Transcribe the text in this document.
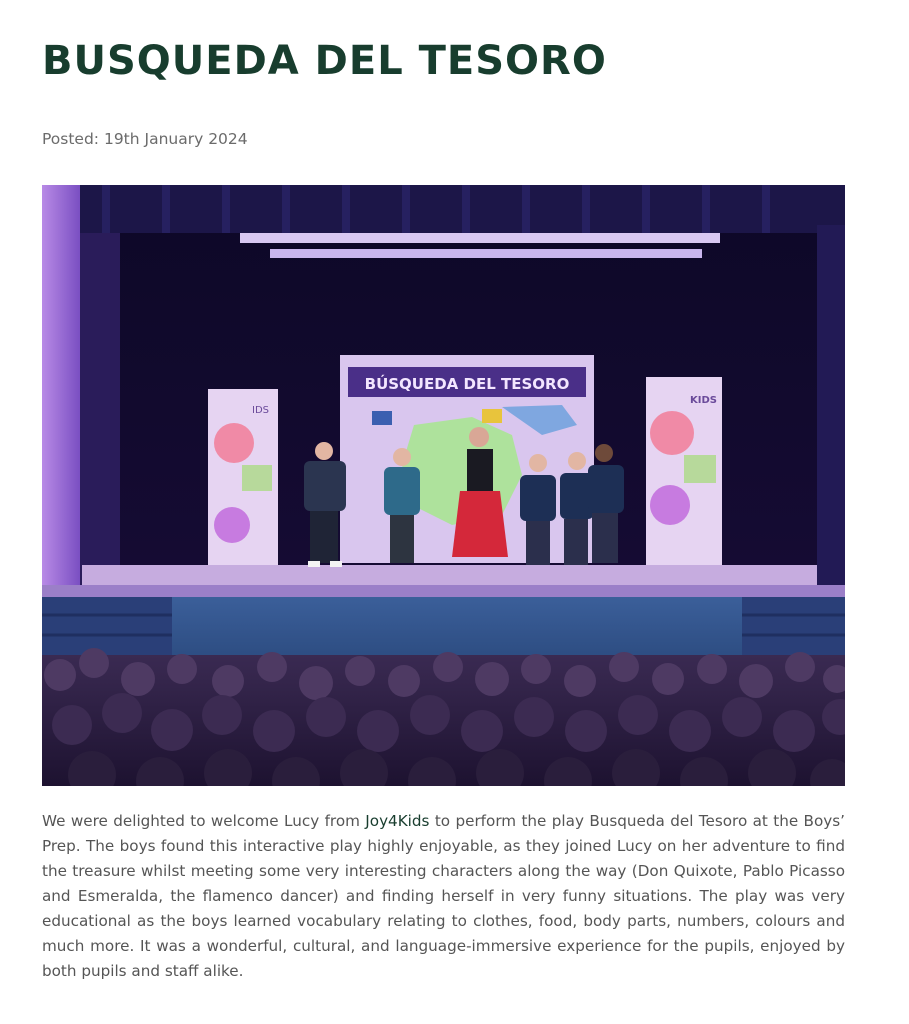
BUSQUEDA DEL TESORO
Posted: 19th January 2024
IDS
KIDS
BÚSQUEDA DEL TESORO

We were delighted to welcome Lucy from Joy4Kids to perform the play Busqueda del Tesoro at the Boys’ Prep. The boys found this interactive play highly enjoyable, as they joined Lucy on her adventure to find the treasure whilst meeting some very interesting characters along the way (Don Quixote, Pablo Picasso and Esmeralda, the flamenco dancer) and finding herself in very funny situations. The play was very educational as the boys learned vocabulary relating to clothes, food, body parts, numbers, colours and much more. It was a wonderful, cultural, and language-immersive experience for the pupils, enjoyed by both pupils and staff alike.
